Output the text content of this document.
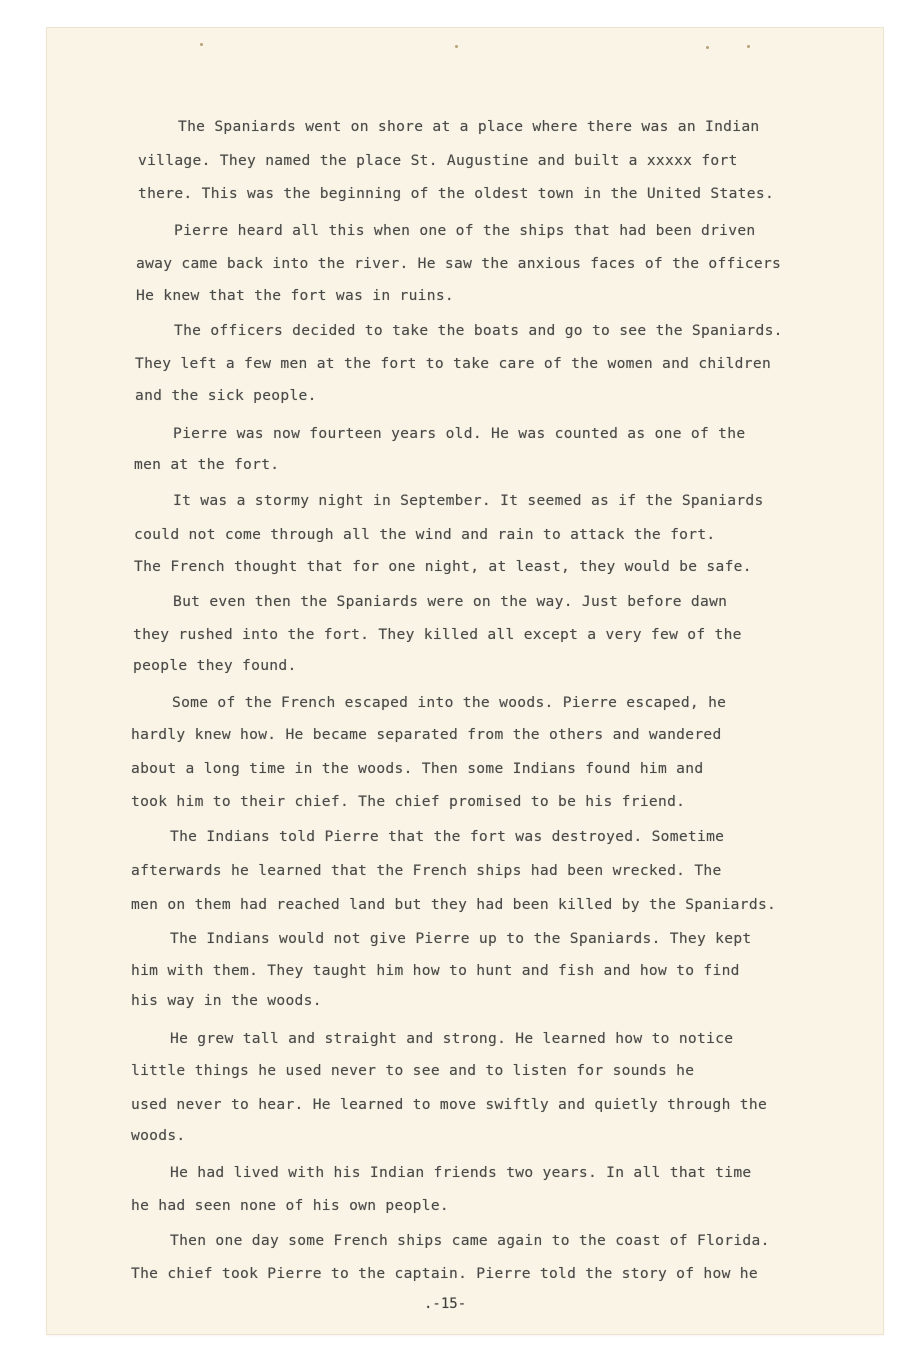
The Spaniards went on shore at a place where there was an Indian
village. They named the place St. Augustine and built a xxxxx fort
there. This was the beginning of the oldest town in the United States.
Pierre heard all this when one of the ships that had been driven
away came back into the river. He saw the anxious faces of the officers
He knew that the fort was in ruins.
The officers decided to take the boats and go to see the Spaniards.
They left a few men at the fort to take care of the women and children
and the sick people.
Pierre was now fourteen years old. He was counted as one of the
men at the fort.
It was a stormy night in September. It seemed as if the Spaniards
could not come through all the wind and rain to attack the fort.
The French thought that for one night, at least, they would be safe.
But even then the Spaniards were on the way. Just before dawn
they rushed into the fort. They killed all except a very few of the
people they found.
Some of the French escaped into the woods. Pierre escaped, he
hardly knew how. He became separated from the others and wandered
about a long time in the woods. Then some Indians found him and
took him to their chief. The chief promised to be his friend.
The Indians told Pierre that the fort was destroyed. Sometime
afterwards he learned that the French ships had been wrecked. The
men on them had reached land but they had been killed by the Spaniards.
The Indians would not give Pierre up to the Spaniards. They kept
him with them. They taught him how to hunt and fish and how to find
his way in the woods.
He grew tall and straight and strong. He learned how to notice
little things he used never to see and to listen for sounds he
used never to hear. He learned to move swiftly and quietly through the
woods.
He had lived with his Indian friends two years. In all that time
he had seen none of his own people.
Then one day some French ships came again to the coast of Florida.
The chief took Pierre to the captain. Pierre told the story of how he
.-15-
